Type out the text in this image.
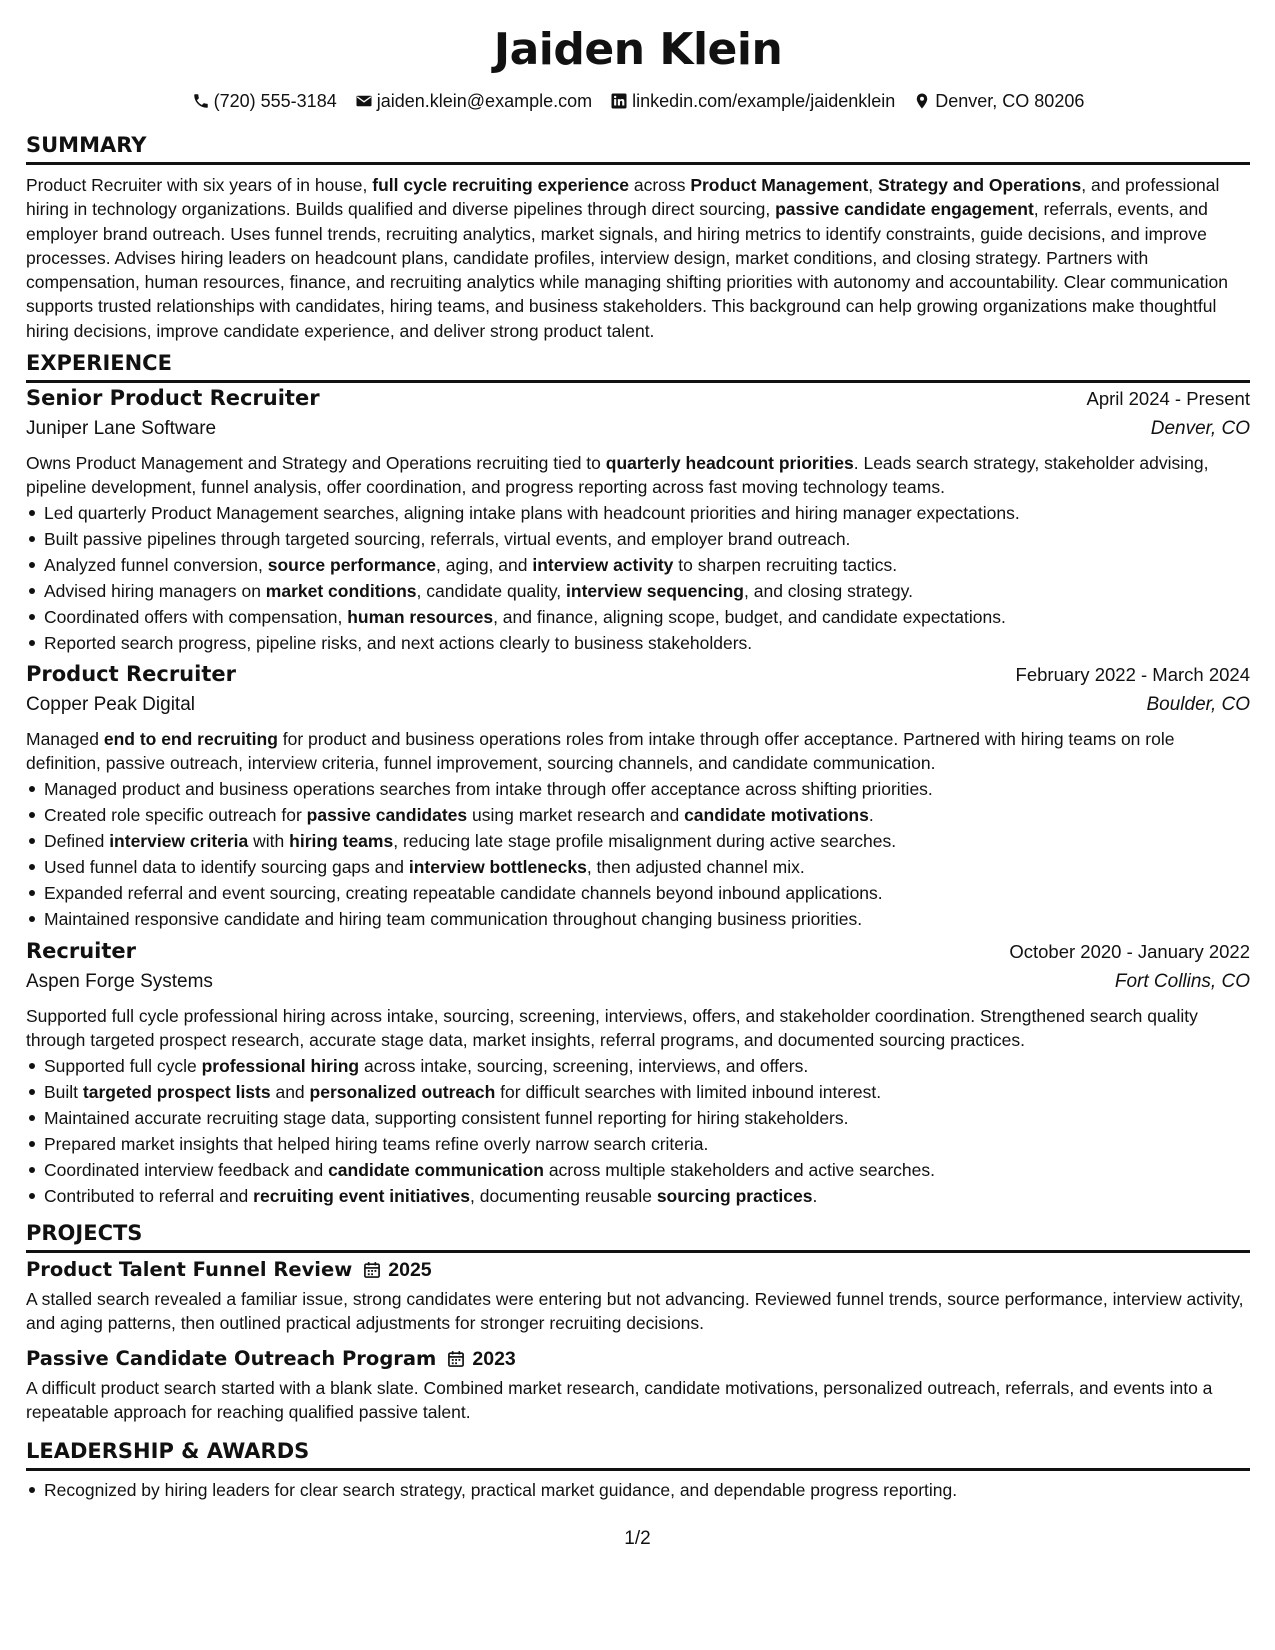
Jaiden Klein
(720) 555-3184 jaiden.klein@example.com linkedin.com/example/jaidenklein Denver, CO 80206
SUMMARY
Product Recruiter with six years of in house, full cycle recruiting experience across Product Management, Strategy and Operations, and professional hiring in technology organizations. Builds qualified and diverse pipelines through direct sourcing, passive candidate engagement, referrals, events, and employer brand outreach. Uses funnel trends, recruiting analytics, market signals, and hiring metrics to identify constraints, guide decisions, and improve processes. Advises hiring leaders on headcount plans, candidate profiles, interview design, market conditions, and closing strategy. Partners with compensation, human resources, finance, and recruiting analytics while managing shifting priorities with autonomy and accountability. Clear communication supports trusted relationships with candidates, hiring teams, and business stakeholders. This background can help growing organizations make thoughtful hiring decisions, improve candidate experience, and deliver strong product talent.
EXPERIENCE
Senior Product Recruiter	April 2024 - Present
Juniper Lane Software	Denver, CO
Owns Product Management and Strategy and Operations recruiting tied to quarterly headcount priorities. Leads search strategy, stakeholder advising, pipeline development, funnel analysis, offer coordination, and progress reporting across fast moving technology teams.
Led quarterly Product Management searches, aligning intake plans with headcount priorities and hiring manager expectations.
Built passive pipelines through targeted sourcing, referrals, virtual events, and employer brand outreach.
Analyzed funnel conversion, source performance, aging, and interview activity to sharpen recruiting tactics.
Advised hiring managers on market conditions, candidate quality, interview sequencing, and closing strategy.
Coordinated offers with compensation, human resources, and finance, aligning scope, budget, and candidate expectations.
Reported search progress, pipeline risks, and next actions clearly to business stakeholders.
Product Recruiter	February 2022 - March 2024
Copper Peak Digital	Boulder, CO
Managed end to end recruiting for product and business operations roles from intake through offer acceptance. Partnered with hiring teams on role definition, passive outreach, interview criteria, funnel improvement, sourcing channels, and candidate communication.
Managed product and business operations searches from intake through offer acceptance across shifting priorities.
Created role specific outreach for passive candidates using market research and candidate motivations.
Defined interview criteria with hiring teams, reducing late stage profile misalignment during active searches.
Used funnel data to identify sourcing gaps and interview bottlenecks, then adjusted channel mix.
Expanded referral and event sourcing, creating repeatable candidate channels beyond inbound applications.
Maintained responsive candidate and hiring team communication throughout changing business priorities.
Recruiter	October 2020 - January 2022
Aspen Forge Systems	Fort Collins, CO
Supported full cycle professional hiring across intake, sourcing, screening, interviews, offers, and stakeholder coordination. Strengthened search quality through targeted prospect research, accurate stage data, market insights, referral programs, and documented sourcing practices.
Supported full cycle professional hiring across intake, sourcing, screening, interviews, and offers.
Built targeted prospect lists and personalized outreach for difficult searches with limited inbound interest.
Maintained accurate recruiting stage data, supporting consistent funnel reporting for hiring stakeholders.
Prepared market insights that helped hiring teams refine overly narrow search criteria.
Coordinated interview feedback and candidate communication across multiple stakeholders and active searches.
Contributed to referral and recruiting event initiatives, documenting reusable sourcing practices.
PROJECTS
Product Talent Funnel Review 2025
A stalled search revealed a familiar issue, strong candidates were entering but not advancing. Reviewed funnel trends, source performance, interview activity, and aging patterns, then outlined practical adjustments for stronger recruiting decisions.
Passive Candidate Outreach Program 2023
A difficult product search started with a blank slate. Combined market research, candidate motivations, personalized outreach, referrals, and events into a repeatable approach for reaching qualified passive talent.
LEADERSHIP & AWARDS
Recognized by hiring leaders for clear search strategy, practical market guidance, and dependable progress reporting.
1/2
